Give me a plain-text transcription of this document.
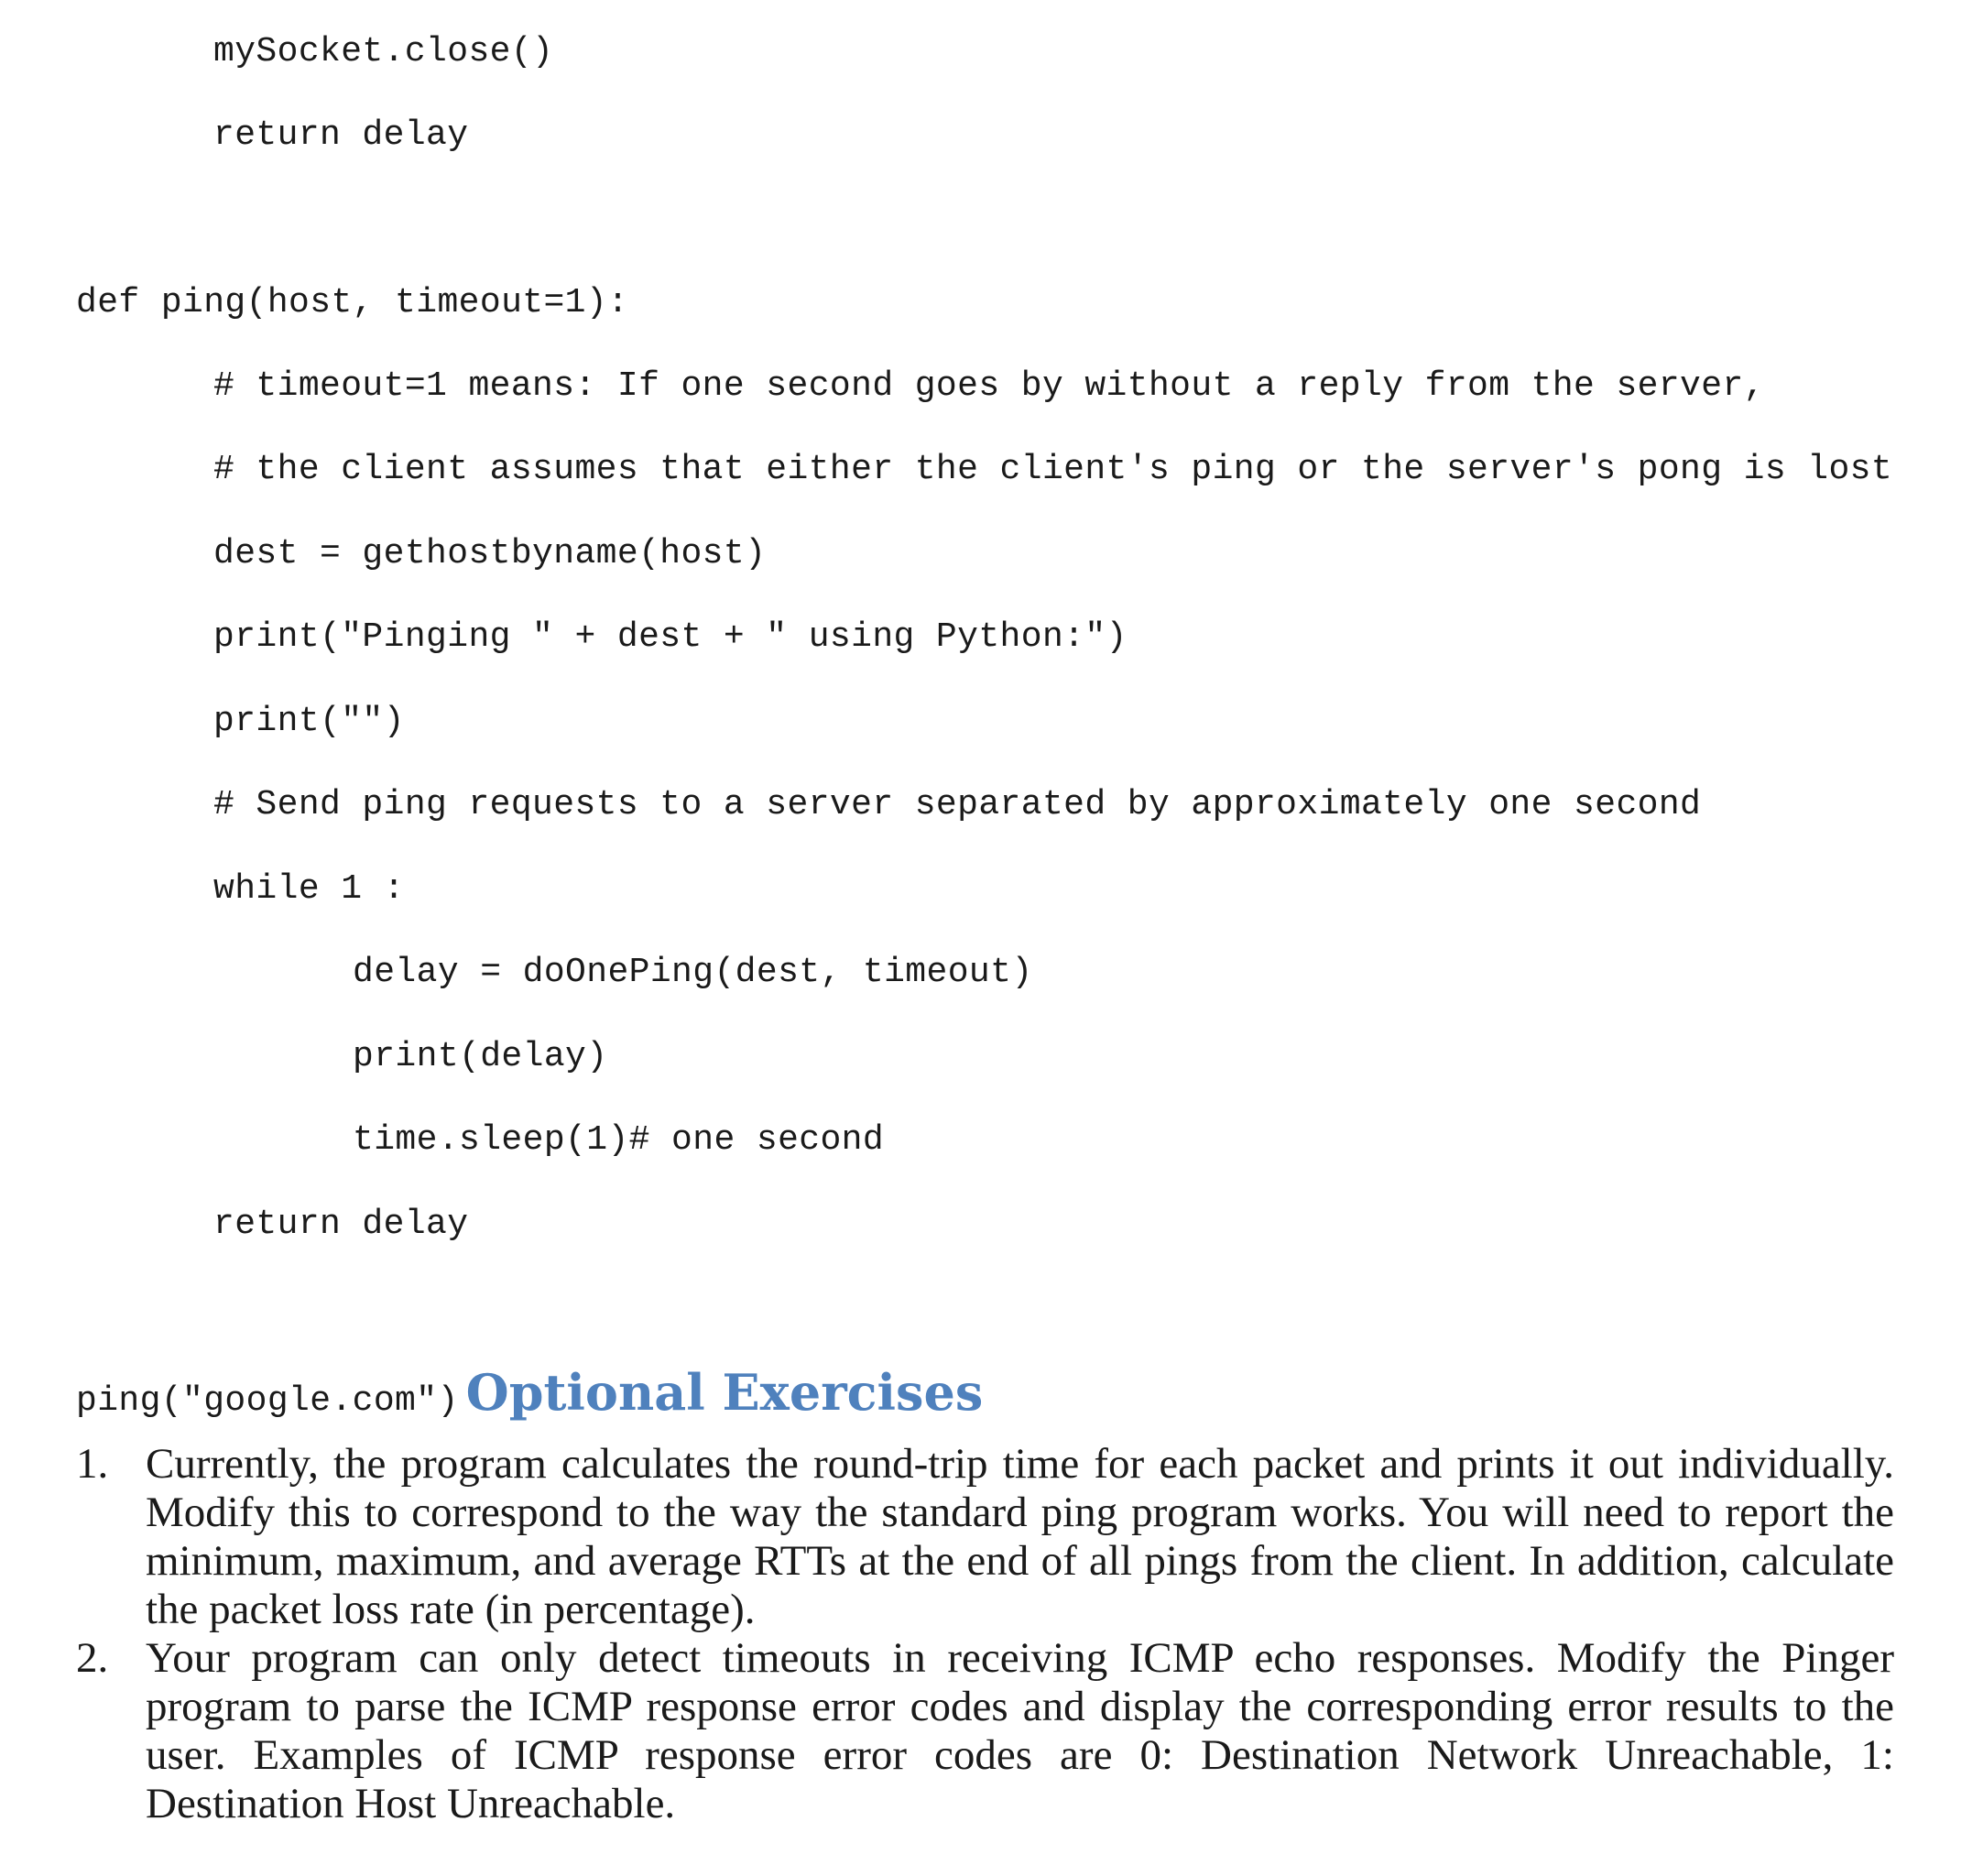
mySocket.close()
return delay
def ping(host, timeout=1):
# timeout=1 means: If one second goes by without a reply from the server,
# the client assumes that either the client's ping or the server's pong is lost
dest = gethostbyname(host)
print("Pinging " + dest + " using Python:")
print("")
# Send ping requests to a server separated by approximately one second
while 1 :
delay = doOnePing(dest, timeout)
print(delay)
time.sleep(1)# one second
return delay
ping("google.com") Optional Exercises
1. Currently, the program calculates the round-trip time for each packet and prints it out individually. Modify this to correspond to the way the standard ping program works. You will need to report the minimum, maximum, and average RTTs at the end of all pings from the client. In addition, calculate the packet loss rate (in percentage).
2. Your program can only detect timeouts in receiving ICMP echo responses. Modify the Pinger program to parse the ICMP response error codes and display the corresponding error results to the user. Examples of ICMP response error codes are 0: Destination Network Unreachable, 1: Destination Host Unreachable.
